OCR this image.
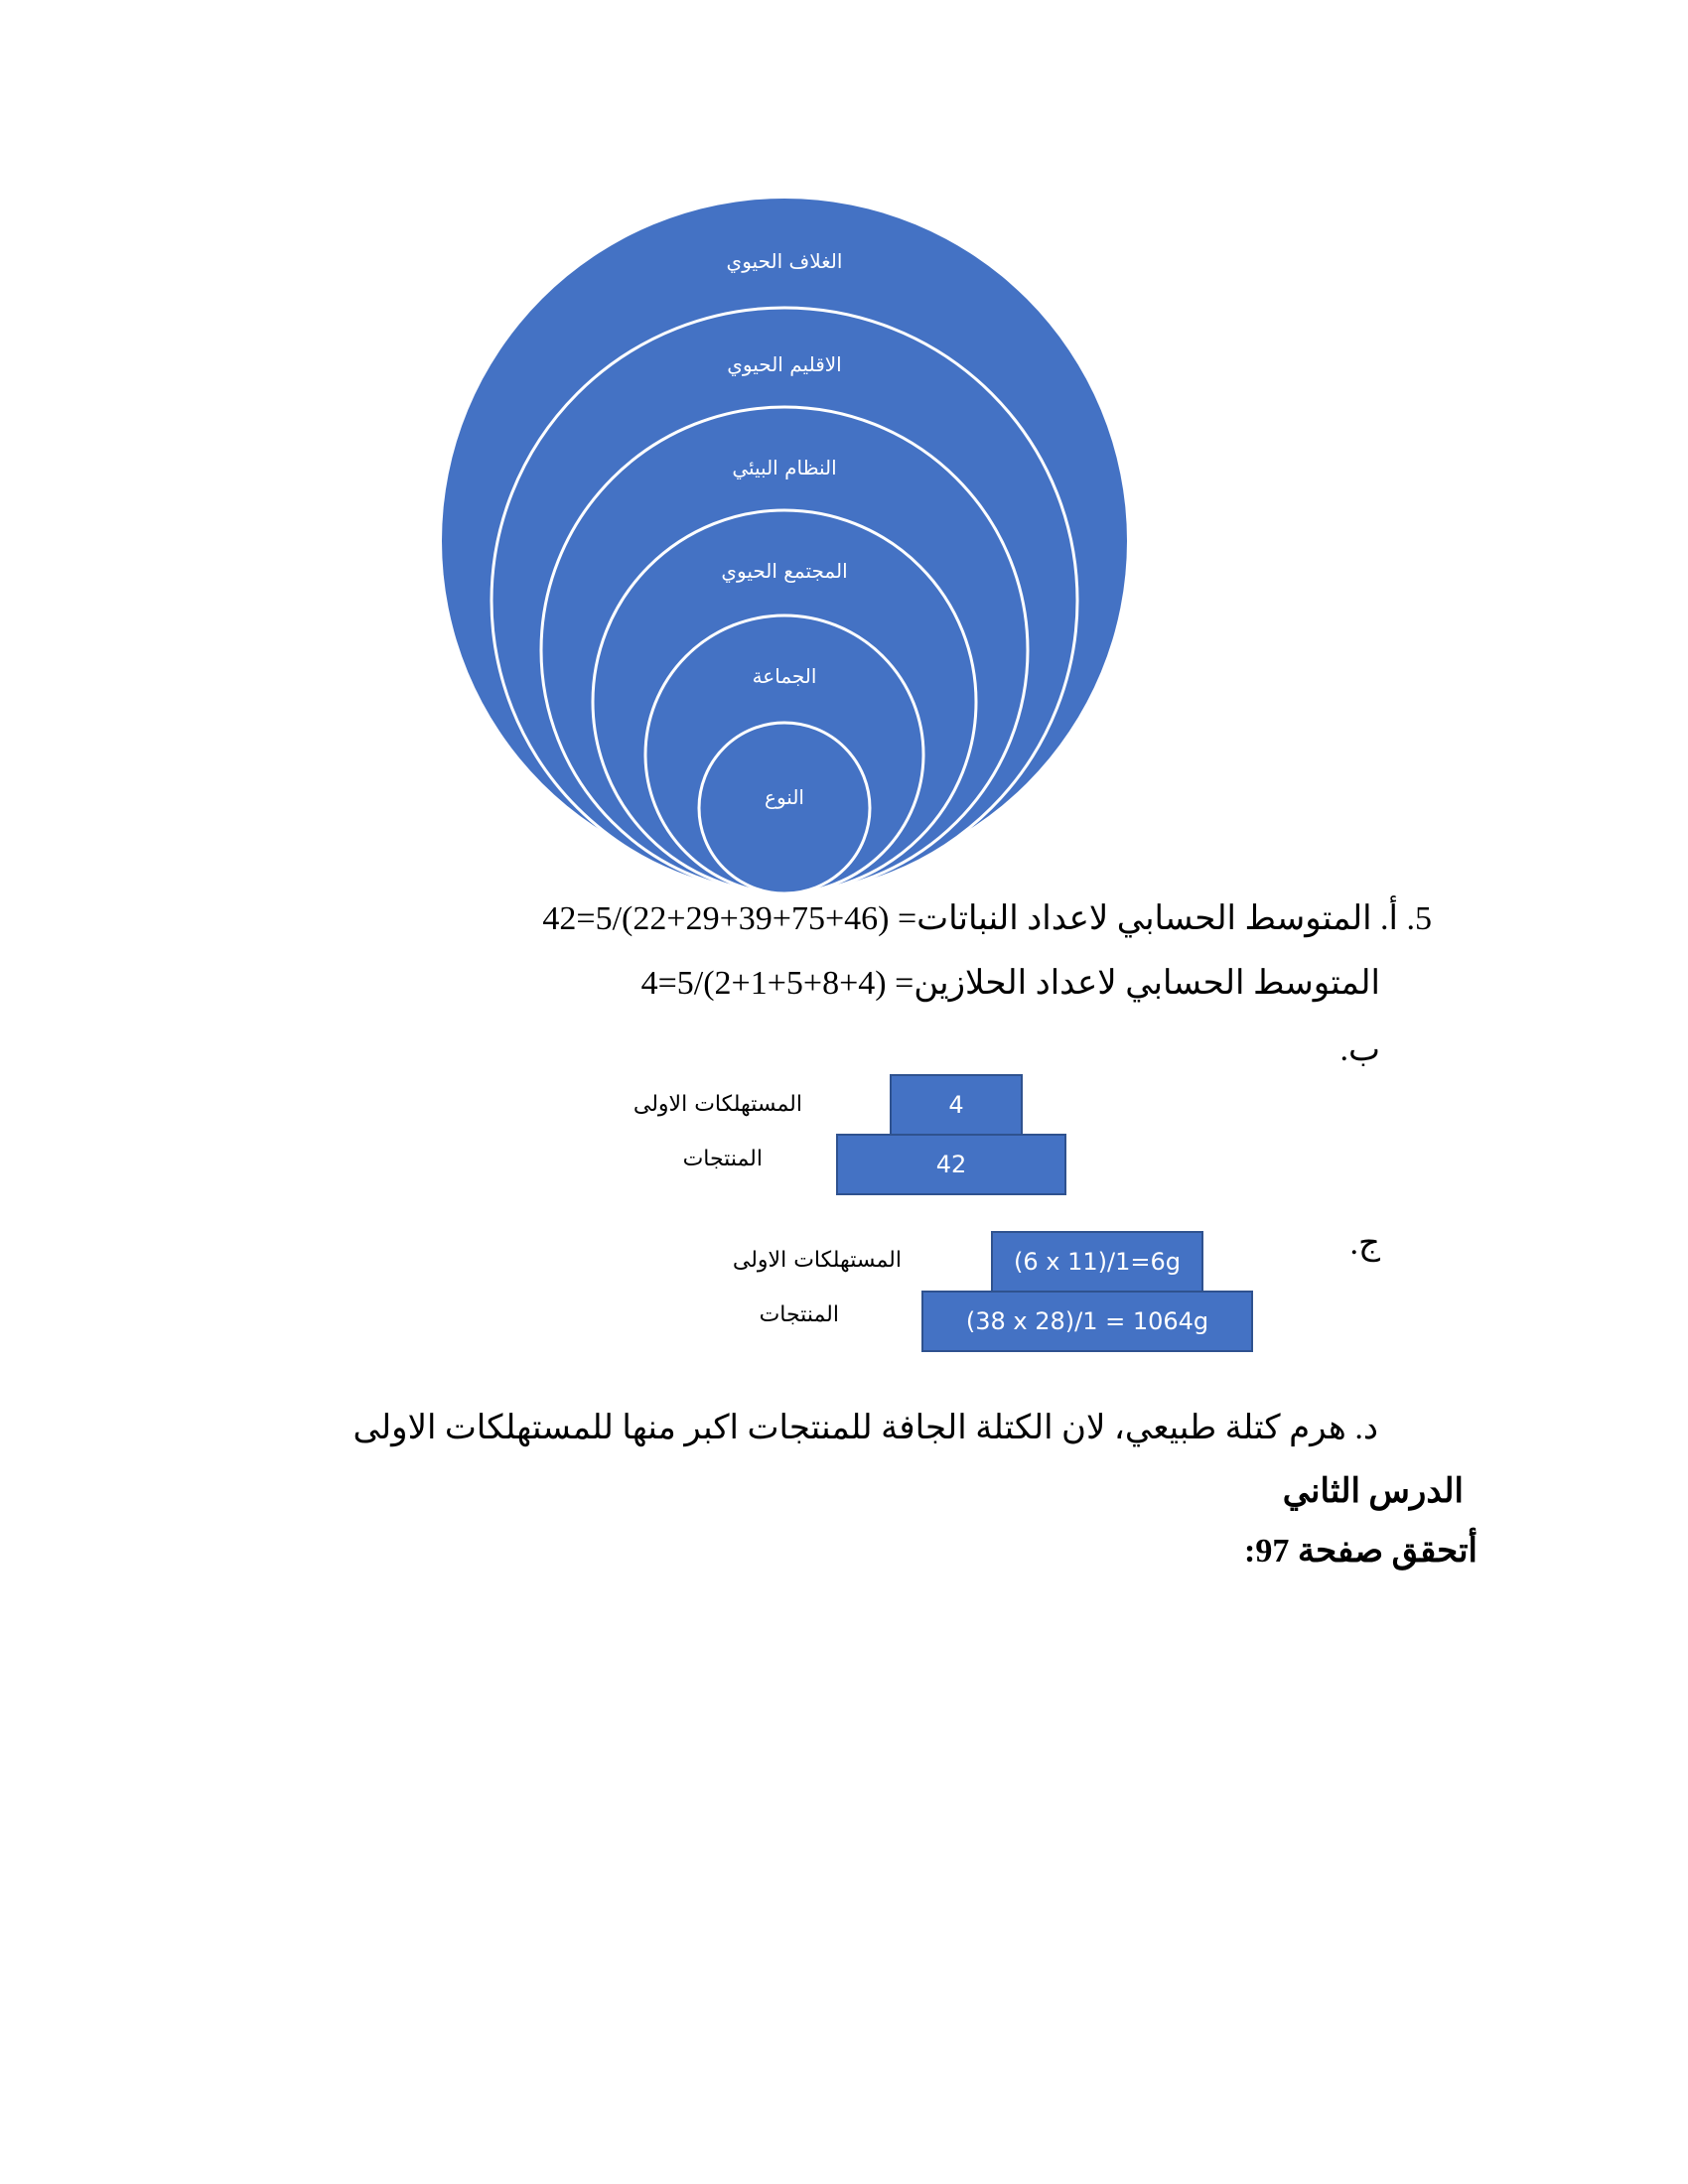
الغلاف الحيوي
الاقليم الحيوي
النظام البيئي
المجتمع الحيوي
الجماعة
النوع
5. أ. المتوسط الحسابي لاعداد النباتات= (46+75+39+29+22)/5=42
المتوسط الحسابي لاعداد الحلازين= (4+8+5+1+2)/5=4
ب.
4
42
المستهلكات الاولى
المنتجات
ج.
(6 x 11)/1=6g
(38 x 28)/1 = 1064g
المستهلكات الاولى
المنتجات
د. هرم كتلة طبيعي، لان الكتلة الجافة للمنتجات اكبر منها للمستهلكات الاولى
الدرس الثاني
أتحقق صفحة 97:
